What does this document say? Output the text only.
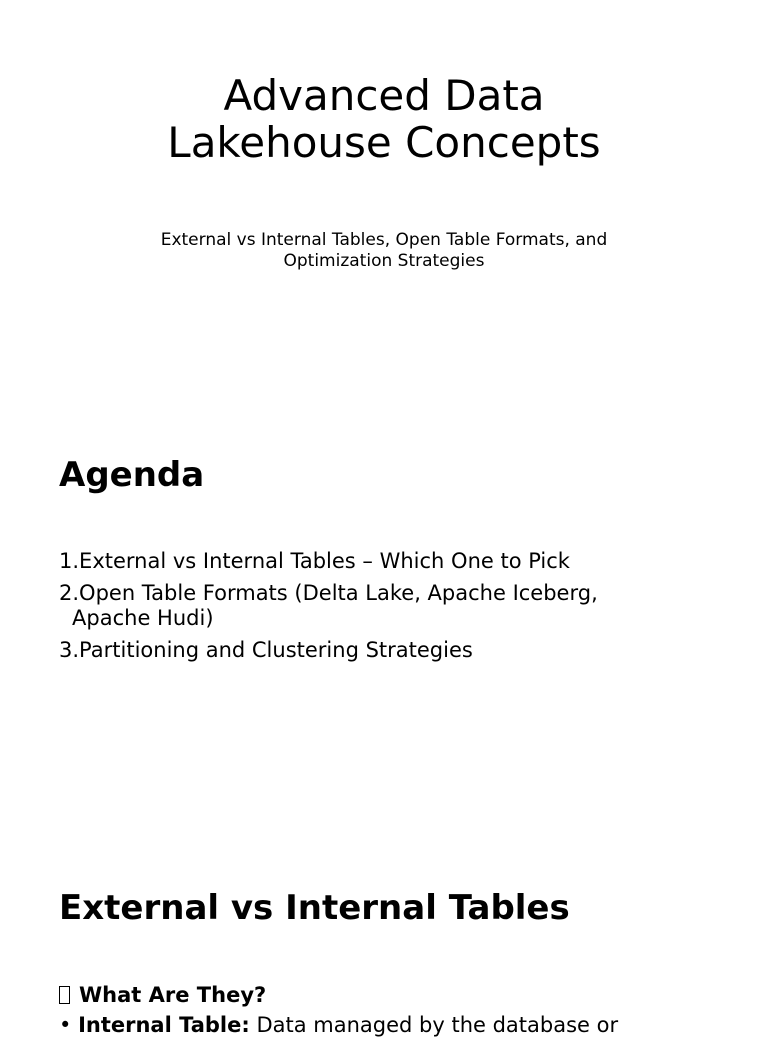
Advanced Data
Lakehouse Concepts

External vs Internal Tables, Open Table Formats, and
Optimization Strategies

Agenda
1. External vs Internal Tables – Which One to Pick
2. Open Table Formats (Delta Lake, Apache Iceberg,
Apache Hudi)
3. Partitioning and Clustering Strategies
External vs Internal Tables
What Are They?
• Internal Table: Data managed by the database or
